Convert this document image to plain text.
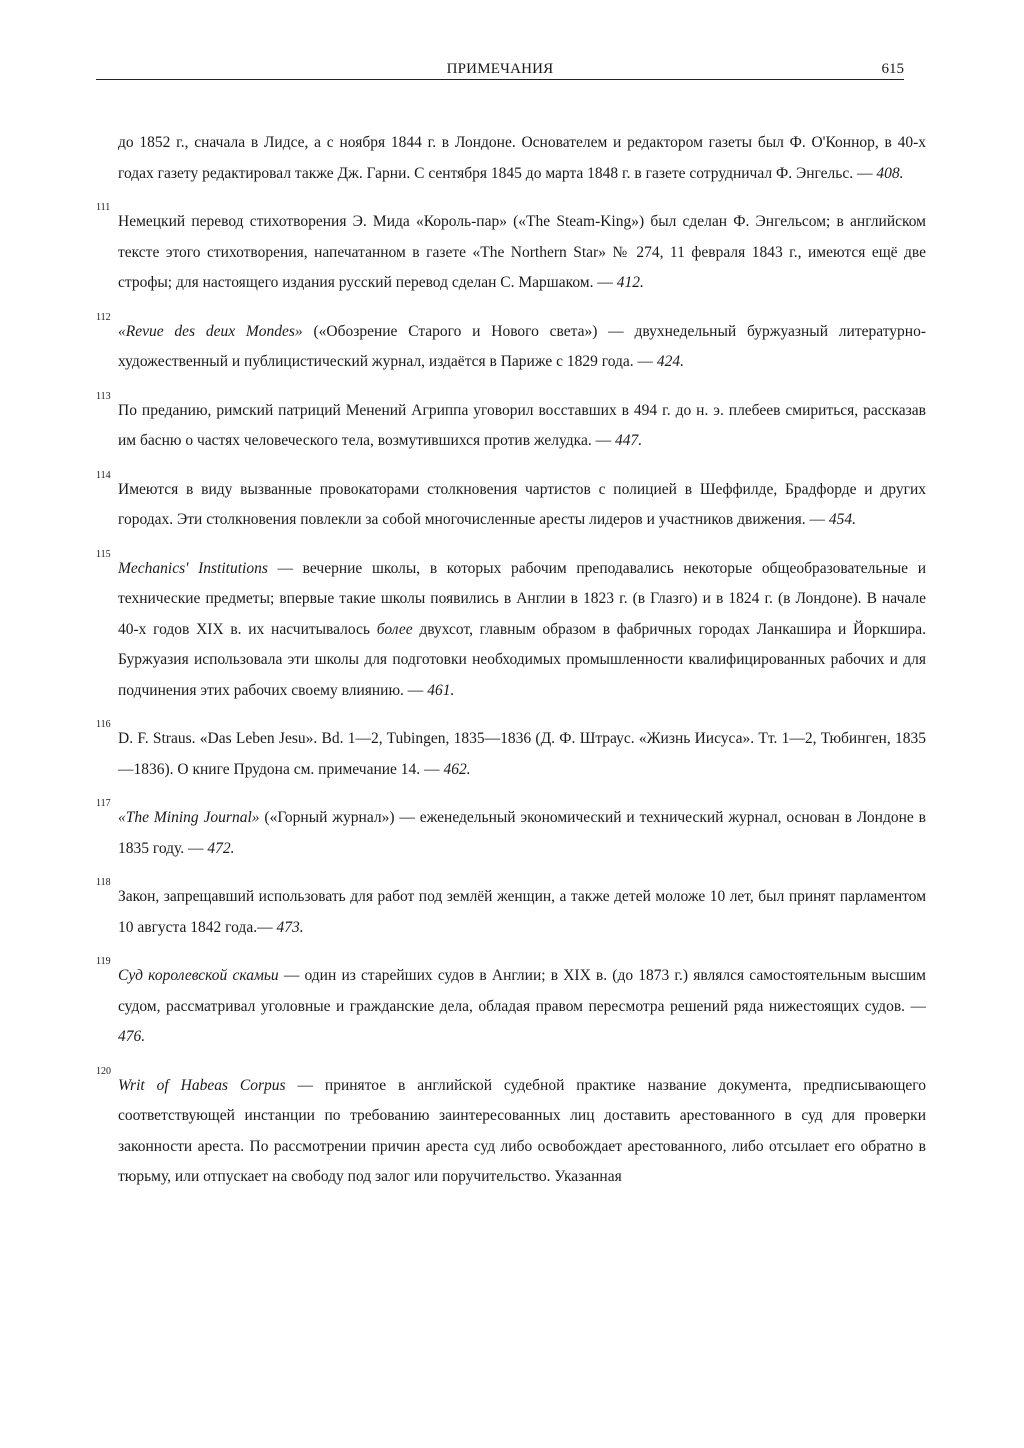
ПРИМЕЧАНИЯ	615

до 1852 г., сначала в Лидсе, а с ноября 1844 г. в Лондоне. Основателем и редактором газеты был Ф. O'Коннор, в 40-х годах газету редактировал также Дж. Гарни. С сентября 1845 до марта 1848 г. в газете сотрудничал Ф. Энгельс. — 408.

111

Немецкий перевод стихотворения Э. Мида «Король-пар» («The Steam-King») был сделан Ф. Энгельсом; в английском тексте этого стихотворения, напечатанном в газете «The Northern Star» № 274, 11 февраля 1843 г., имеются ещё две строфы; для настоящего издания русский перевод сделан С. Маршаком. — 412.

112

«Revue des deux Mondes» («Обозрение Старого и Нового света») — двухнедельный буржуазный литературно-художественный и публицистический журнал, издаётся в Париже с 1829 года. — 424.

113

По преданию, римский патриций Менений Агриппа уговорил восставших в 494 г. до н. э. плебеев смириться, рассказав им басню о частях человеческого тела, возмутившихся против желудка. — 447.

114

Имеются в виду вызванные провокаторами столкновения чартистов с полицией в Шеффилде, Брадфорде и других городах. Эти столкновения повлекли за собой многочисленные аресты лидеров и участников движения. — 454.

115

Mechanics' Institutions — вечерние школы, в которых рабочим преподавались некоторые общеобразовательные и технические предметы; впервые такие школы появились в Англии в 1823 г. (в Глазго) и в 1824 г. (в Лондоне). В начале 40-х годов XIX в. их насчитывалось более двухсот, главным образом в фабричных городах Ланкашира и Йоркшира. Буржуазия использовала эти школы для подготовки необходимых промышленности квалифицированных рабочих и для подчинения этих рабочих своему влиянию. — 461.

116

D. F. Straus. «Das Leben Jesu». Bd. 1—2, Tubingen, 1835—1836 (Д. Ф. Штраус. «Жизнь Иисуса». Тт. 1—2, Тюбинген, 1835—1836). О книге Прудона см. примечание 14. — 462.

117

«The Mining Journal» («Горный журнал») — еженедельный экономический и технический журнал, основан в Лондоне в 1835 году. — 472.

118

Закон, запрещавший использовать для работ под землёй женщин, а также детей моложе 10 лет, был принят парламентом 10 августа 1842 года.— 473.

119

Суд королевской скамьи — один из старейших судов в Англии; в XIX в. (до 1873 г.) являлся самостоятельным высшим судом, рассматривал уголовные и гражданские дела, обладая правом пересмотра решений ряда нижестоящих судов. — 476.

120

Writ of Habeas Corpus — принятое в английской судебной практике название документа, предписывающего соответствующей инстанции по требованию заинтересованных лиц доставить арестованного в суд для проверки законности ареста. По рассмотрении причин ареста суд либо освобождает арестованного, либо отсылает его обратно в тюрьму, или отпускает на свободу под залог или поручительство. Указанная
